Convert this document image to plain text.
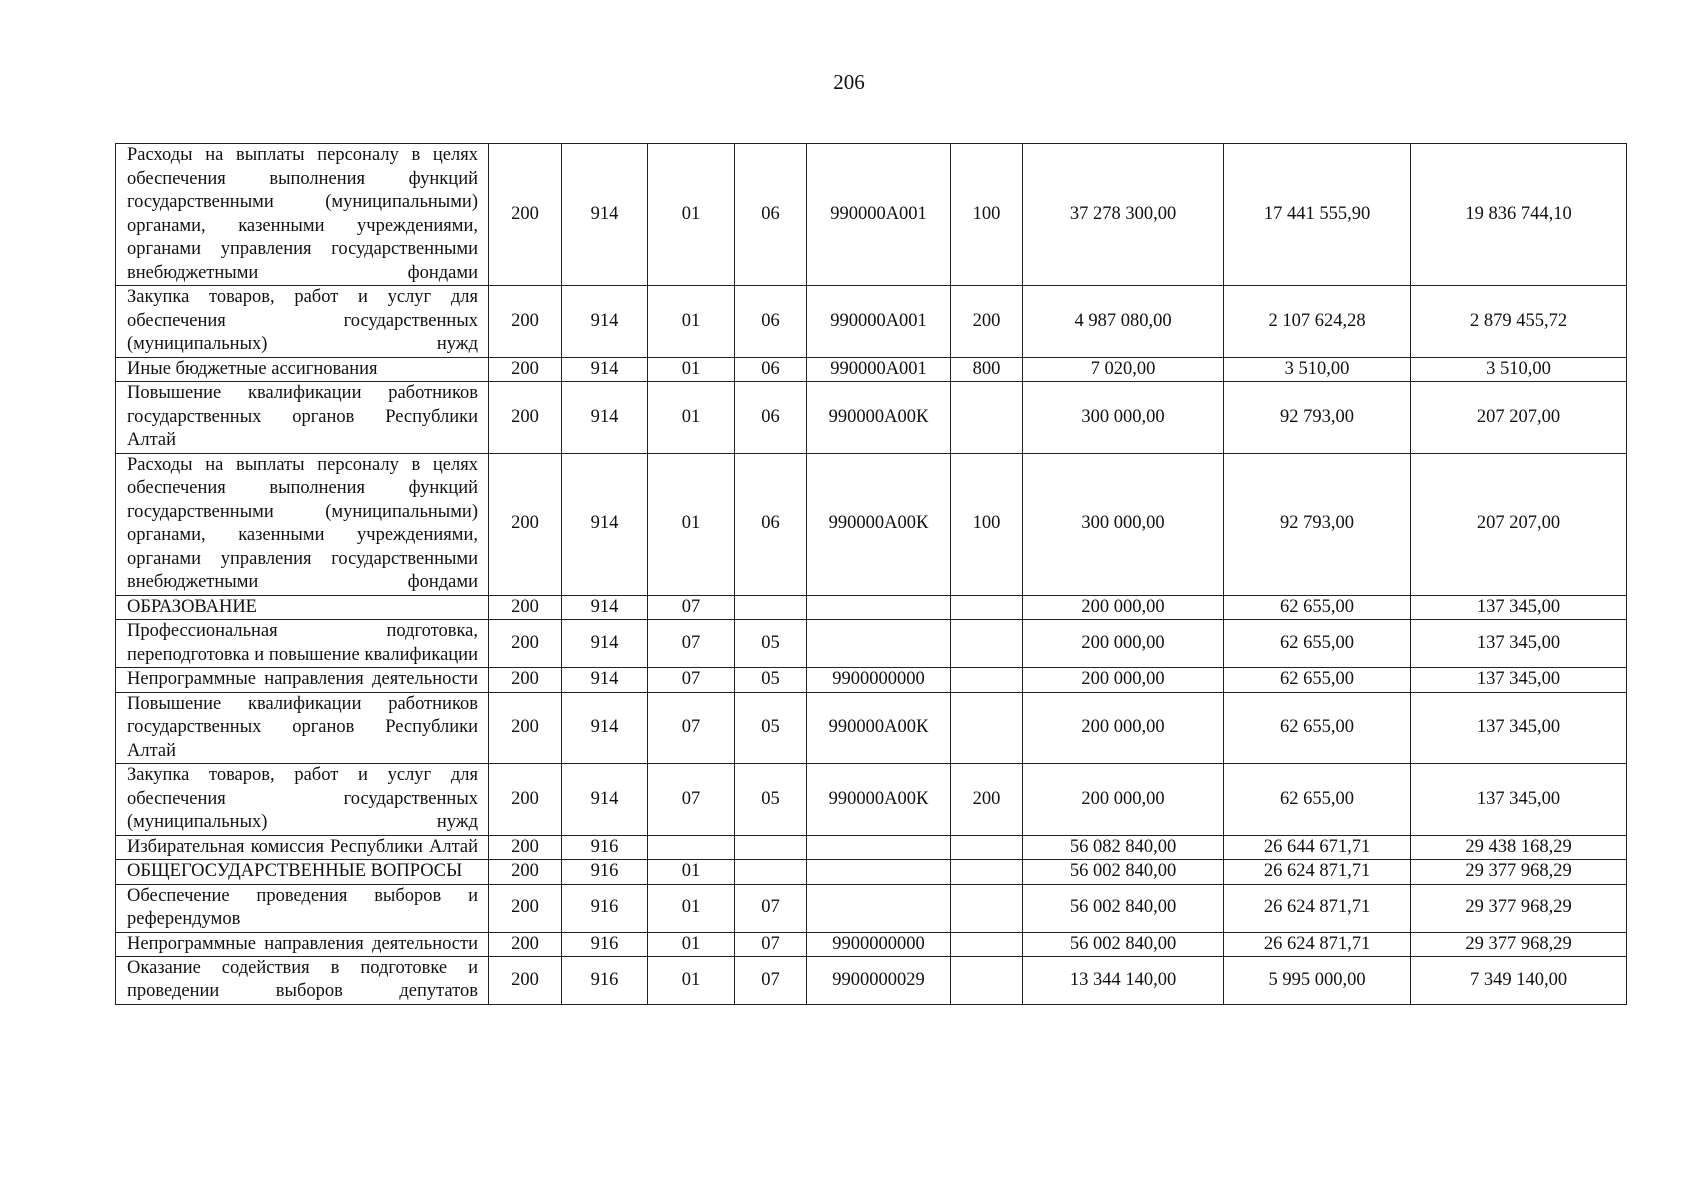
206
Расходы на выплаты персоналу в целях обеспечения выполнения функций государственными (муниципальными) органами, казенными учреждениями, органами управления государственными внебюджетными фондами	200	914	01	06	990000А001	100	37 278 300,00	17 441 555,90	19 836 744,10
Закупка товаров, работ и услуг для обеспечения государственных (муниципальных) нужд	200	914	01	06	990000А001	200	4 987 080,00	2 107 624,28	2 879 455,72
Иные бюджетные ассигнования	200	914	01	06	990000А001	800	7 020,00	3 510,00	3 510,00
Повышение квалификации работников государственных органов Республики Алтай	200	914	01	06	990000А00К		300 000,00	92 793,00	207 207,00
Расходы на выплаты персоналу в целях обеспечения выполнения функций государственными (муниципальными) органами, казенными учреждениями, органами управления государственными внебюджетными фондами	200	914	01	06	990000А00К	100	300 000,00	92 793,00	207 207,00
ОБРАЗОВАНИЕ	200	914	07				200 000,00	62 655,00	137 345,00
Профессиональная подготовка, переподготовка и повышение квалификации	200	914	07	05			200 000,00	62 655,00	137 345,00
Непрограммные направления деятельности	200	914	07	05	9900000000		200 000,00	62 655,00	137 345,00
Повышение квалификации работников государственных органов Республики Алтай	200	914	07	05	990000А00К		200 000,00	62 655,00	137 345,00
Закупка товаров, работ и услуг для обеспечения государственных (муниципальных) нужд	200	914	07	05	990000А00К	200	200 000,00	62 655,00	137 345,00
Избирательная комиссия Республики Алтай	200	916					56 082 840,00	26 644 671,71	29 438 168,29
ОБЩЕГОСУДАРСТВЕННЫЕ ВОПРОСЫ	200	916	01				56 002 840,00	26 624 871,71	29 377 968,29
Обеспечение проведения выборов и референдумов	200	916	01	07			56 002 840,00	26 624 871,71	29 377 968,29
Непрограммные направления деятельности	200	916	01	07	9900000000		56 002 840,00	26 624 871,71	29 377 968,29

Оказание содействия в подготовке и проведении выборов депутатов	200	916	01	07	9900000029		13 344 140,00	5 995 000,00	7 349 140,00
